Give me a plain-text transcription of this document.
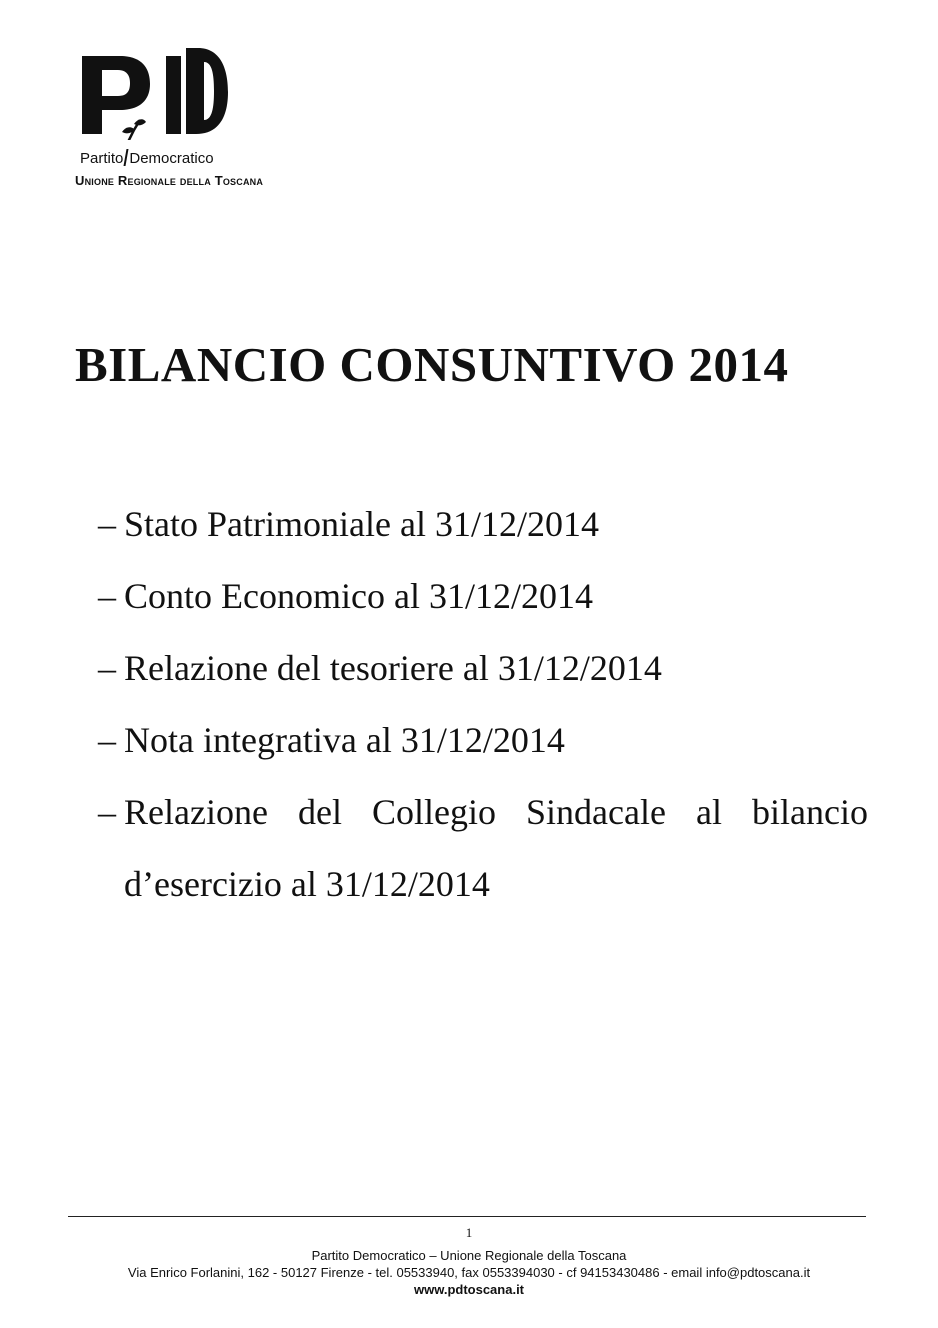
Partito Democratico
Unione Regionale della Toscana
BILANCIO CONSUNTIVO 2014
– Stato Patrimoniale al 31/12/2014
– Conto Economico al 31/12/2014
– Relazione del tesoriere al 31/12/2014
– Nota integrativa al 31/12/2014
– Relazione del Collegio Sindacale al bilancio d’esercizio al 31/12/2014
1
Partito Democratico – Unione Regionale della Toscana
Via Enrico Forlanini, 162 - 50127 Firenze - tel. 05533940, fax 0553394030 - cf 94153430486 - email info@pdtoscana.it
www.pdtoscana.it
